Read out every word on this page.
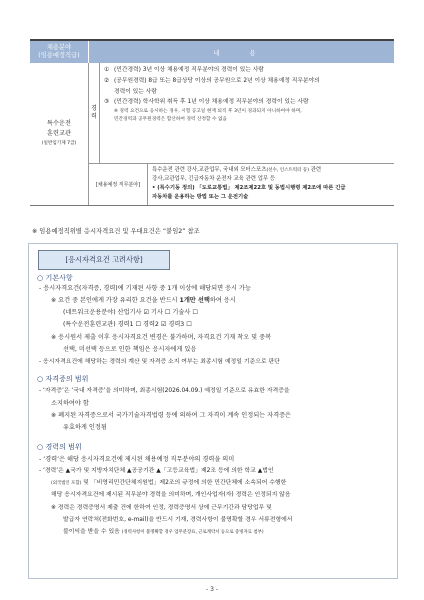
채용분야
(임용예정직급)	내 용
특수운전
훈련교관
(일반임기제 7급)
경
력
① (민간경력) 3년 이상 채용예정 직무분야의 경력이 있는 사람
② (공무원경력) 8급 또는 8급상당 이상의 공무원으로 2년 이상 채용예정 직무분야의
경력이 있는 사람
③ (민간경력) 학사학위 취득 후 1년 이상 채용예정 직무분야의 경력이 있는 사람
※ 경력 요건으로 응시하는 경우, 시험 공고일 현재 퇴직 후 3년이 경과되지 아니하여야 하며,
민간경력과 공무원경력은 합산하여 경력 산정할 수 없음
[채용예정 직무분야]
특수운전 관련 강사,교관업무, 국내외 모터스포츠(선수, 인스트럭터 등) 관련
강사,교관업무, 긴급자동차 운전자 교육 관련 업무 등
• (특수기동 정의) 「도로교통법」 제2조제22호 및 동법시행령 제2조에 따른 긴급
자동차를 운용하는 방법 또는 그 운전기술
※ 임용예정직위별 응시자격요건 및 우대요건은 “붙임2” 참조
[응시자격요건 고려사항]
○ 기본사항
- 응시자격요건(자격증, 경력)에 기재된 사항 중 1개 이상에 해당되면 응시 가능
※ 요건 중 본인에게 가장 유리한 요건을 반드시 1개만 선택하여 응시
(네트워크운용분야) 산업기사 ☑ 기사 ☐ 기술사 ☐
(특수운전훈련교관) 경력1 ☐ 경력2 ☑ 경력3 ☐
※ 응시원서 제출 이후 응시자격요건 변경은 불가하며, 자격요건 기재 착오 및 중복
선택, 미선택 등으로 인한 책임은 응시자에게 있음
- 응시자격요건에 해당하는 경력의 계산 및 자격증 소지 여부는 최종시험 예정일 기준으로 판단
○ 자격증의 범위
- ‘자격증’은 ‘국내 자격증’을 의미하며, 최종시험(2026.04.09.) 예정일 기준으로 유효한 자격증을
소지하여야 함
※ 폐지된 자격증으로서 국가기술자격법령 등에 의하여 그 자격이 계속 인정되는 자격증은
유효하게 인정됨
○ 경력의 범위
- ‘경력’은 해당 응시자격요건에 제시된 채용예정 직무분야의 경력을 의미
- ‘경력’은 ▲국가 및 지방자치단체 ▲공공기관 ▲「고등교육법」제2조 등에 의한 학교 ▲법인
(외국법인 포함) 및 「비영리민간단체지원법」제2조의 규정에 의한 민간단체에 소속되어 수행한
해당 응시자격요건에 제시된 직무분야 경력을 의미하며, 개인사업자(자) 경력은 인정되지 않음
※ 경력은 경력증명서 제출 건에 한하여 인정, 경력증명서 상에 근무기간과 담당업무 및
발급자 연락처(전화번호, e-mail)을 반드시 기재, 경력사항이 불명확할 경우 서류전형에서
불이익을 받을 수 있음 (경력사항이 불명확할 경우 업무분장표, 근로계약서 등으로 증빙자료 첨부)
- 3 -
